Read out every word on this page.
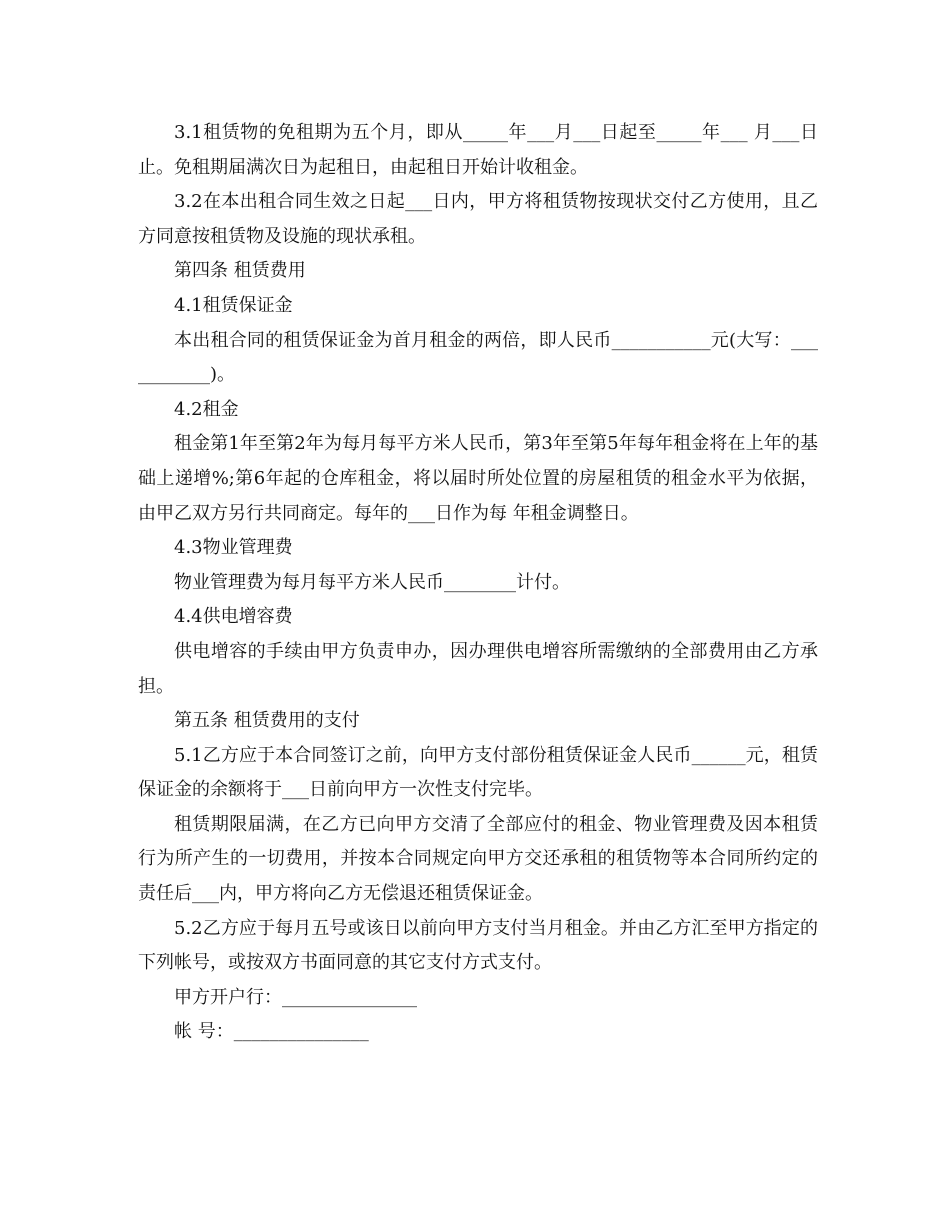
3.1租赁物的免租期为五个月，即从_____年___月___日起至_____年___ 月___日止。免租期届满次日为起租日，由起租日开始计收租金。

3.2在本出租合同生效之日起___日内，甲方将租赁物按现状交付乙方使用，且乙方同意按租赁物及设施的现状承租。

第四条 租赁费用

4.1租赁保证金

本出租合同的租赁保证金为首月租金的两倍，即人民币___________元(大写：___________)。

4.2租金

租金第1年至第2年为每月每平方米人民币，第3年至第5年每年租金将在上年的基础上递增%;第6年起的仓库租金，将以届时所处位置的房屋租赁的租金水平为依据，由甲乙双方另行共同商定。每年的___日作为每 年租金调整日。

4.3物业管理费

物业管理费为每月每平方米人民币________计付。

4.4供电增容费

供电增容的手续由甲方负责申办，因办理供电增容所需缴纳的全部费用由乙方承担。

第五条 租赁费用的支付

5.1乙方应于本合同签订之前，向甲方支付部份租赁保证金人民币______元，租赁保证金的余额将于___日前向甲方一次性支付完毕。

租赁期限届满，在乙方已向甲方交清了全部应付的租金、物业管理费及因本租赁行为所产生的一切费用，并按本合同规定向甲方交还承租的租赁物等本合同所约定的责任后___内，甲方将向乙方无偿退还租赁保证金。

5.2乙方应于每月五号或该日以前向甲方支付当月租金。并由乙方汇至甲方指定的下列帐号，或按双方书面同意的其它支付方式支付。

甲方开户行：_______________

帐 号：_______________
